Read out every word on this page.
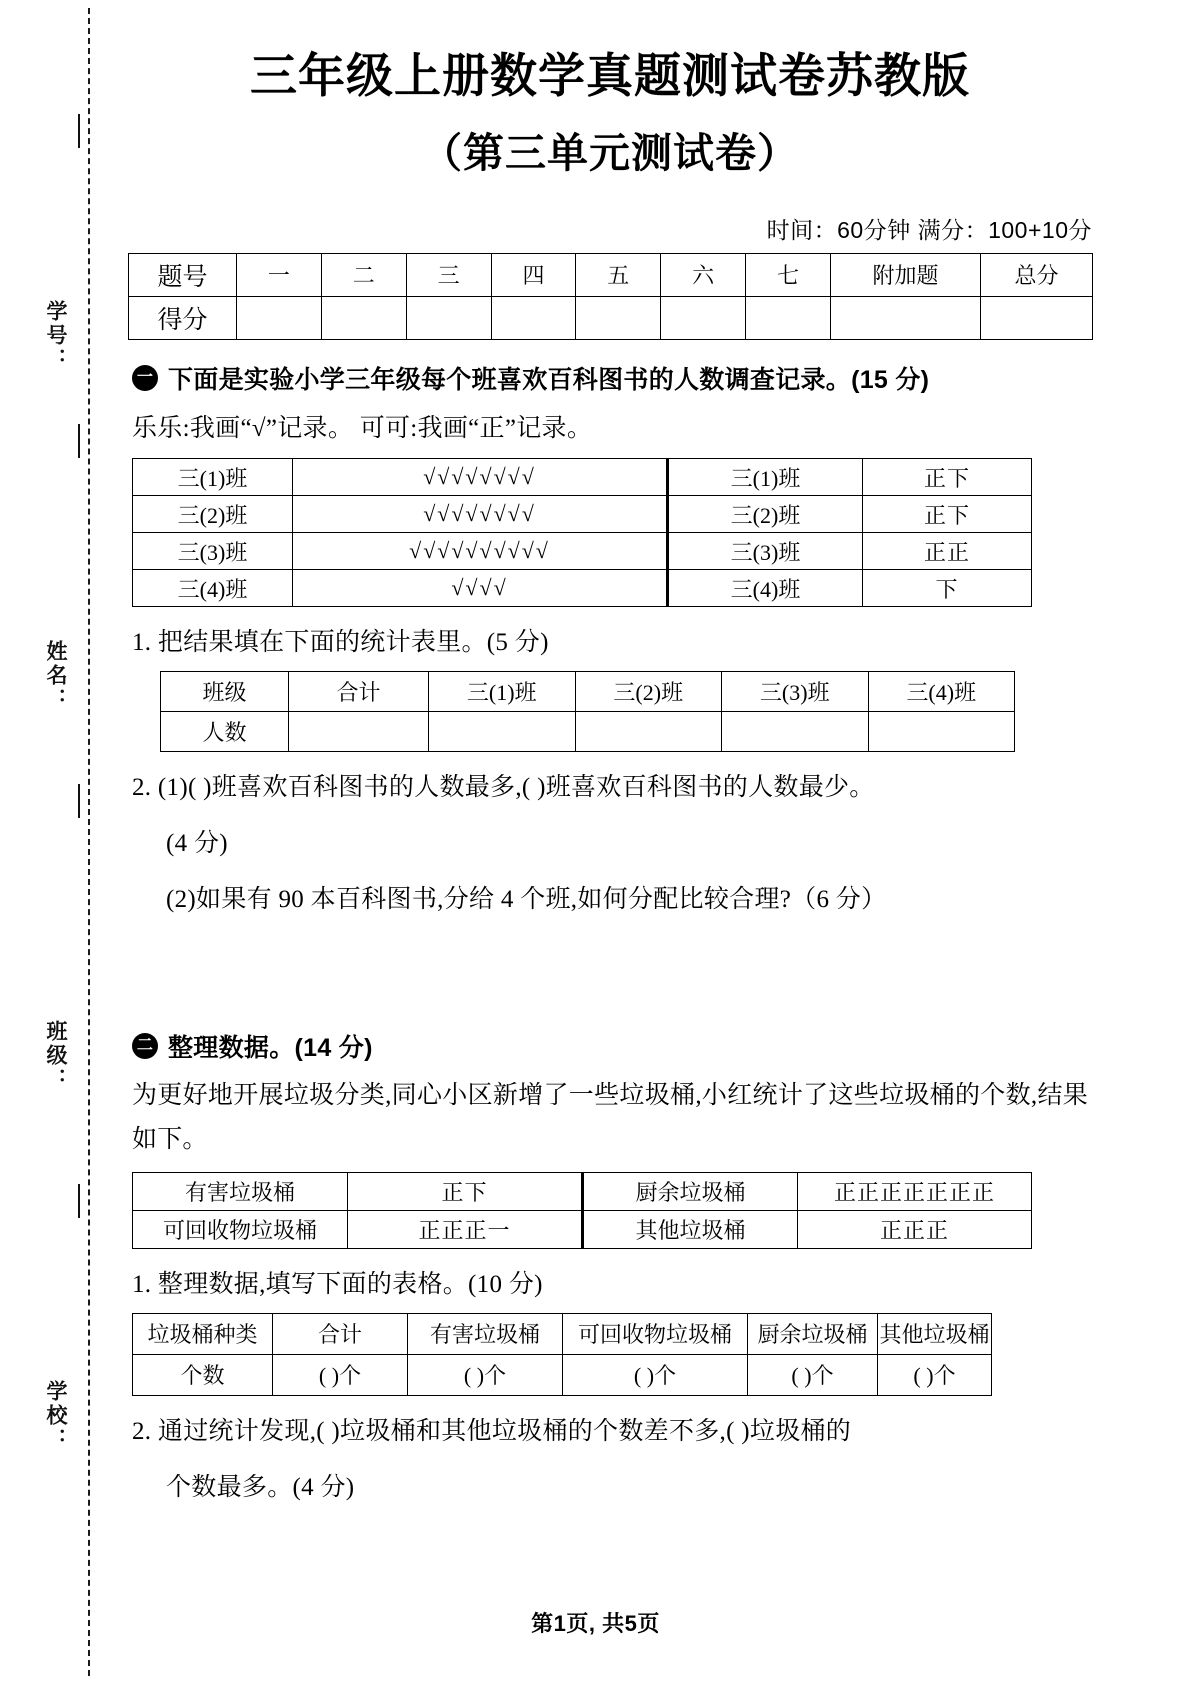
学号：
姓名：
班级：
学校：
三年级上册数学真题测试卷苏教版
（第三单元测试卷）
时间：60分钟 满分：100+10分
题号	一	二	三	四	五	六	七	附加题	总分
得分									
一 下面是实验小学三年级每个班喜欢百科图书的人数调查记录。(15 分)
乐乐:我画“√”记录。 可可:我画“正”记录。
三(1)班	√√√√√√√√	三(1)班	正下
三(2)班	√√√√√√√√	三(2)班	正下
三(3)班	√√√√√√√√√√	三(3)班	正正
三(4)班	√√√√	三(4)班	下
1. 把结果填在下面的统计表里。(5 分)
班级	合计	三(1)班	三(2)班	三(3)班	三(4)班
人数					
2. (1)( )班喜欢百科图书的人数最多,( )班喜欢百科图书的人数最少。
(4 分)
(2)如果有 90 本百科图书,分给 4 个班,如何分配比较合理?（6 分）
二 整理数据。(14 分)
为更好地开展垃圾分类,同心小区新增了一些垃圾桶,小红统计了这些垃圾桶的个数,结果如下。
有害垃圾桶	正下	厨余垃圾桶	正正正正正正正
可回收物垃圾桶	正正正一	其他垃圾桶	正正正
1. 整理数据,填写下面的表格。(10 分)
垃圾桶种类	合计	有害垃圾桶	可回收物垃圾桶	厨余垃圾桶	其他垃圾桶
个数	( )个	( )个	( )个	( )个	( )个
2. 通过统计发现,( )垃圾桶和其他垃圾桶的个数差不多,( )垃圾桶的
个数最多。(4 分)
第1页, 共5页
